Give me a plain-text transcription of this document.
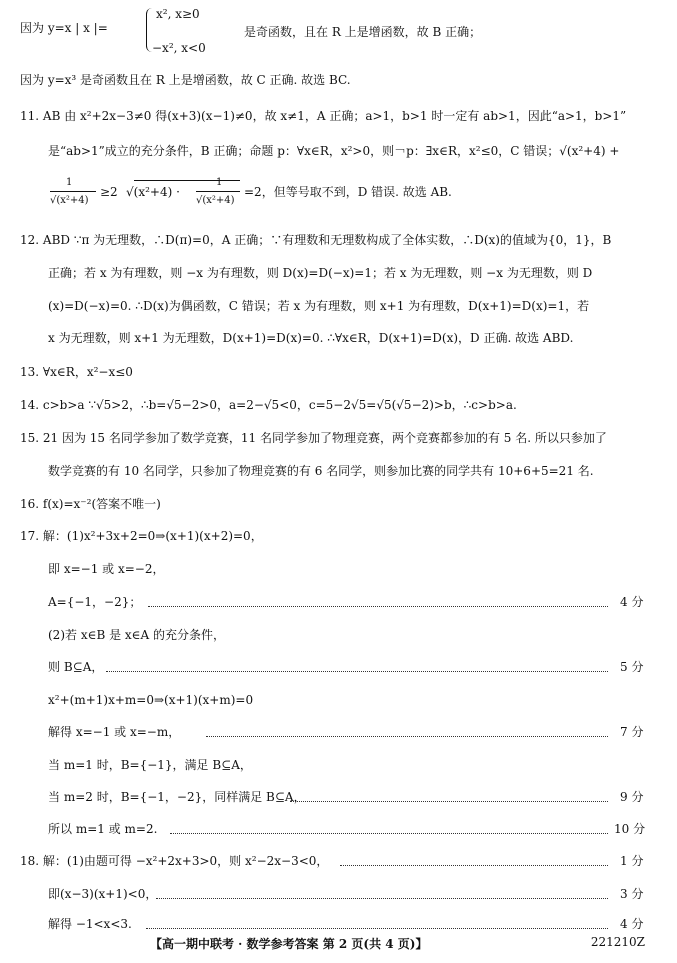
因为 y=x | x |=
x², x≥0
−x², x<0
是奇函数，且在 R 上是增函数，故 B 正确；
因为 y=x³ 是奇函数且在 R 上是增函数，故 C 正确. 故选 BC.
11. AB 由 x²+2x−3≠0 得(x+3)(x−1)≠0，故 x≠1，A 正确；a>1，b>1 时一定有 ab>1，因此“a>1，b>1”
是“ab>1”成立的充分条件，B 正确；命题 p：∀x∈R，x²>0，则￢p：∃x∈R，x²≤0，C 错误；√(x²+4) +
1
√(x²+4)
≥2 √(x²+4) ·
1
√(x²+4)
=2，但等号取不到，D 错误. 故选 AB.
12. ABD ∵π 为无理数，∴D(π)=0，A 正确；∵有理数和无理数构成了全体实数，∴D(x)的值域为{0，1}，B
正确；若 x 为有理数，则 −x 为有理数，则 D(x)=D(−x)=1；若 x 为无理数，则 −x 为无理数，则 D
(x)=D(−x)=0. ∴D(x)为偶函数，C 错误；若 x 为有理数，则 x+1 为有理数，D(x+1)=D(x)=1，若
x 为无理数，则 x+1 为无理数，D(x+1)=D(x)=0. ∴∀x∈R，D(x+1)=D(x)，D 正确. 故选 ABD.
13. ∀x∈R，x²−x≤0
14. c>b>a ∵√5>2，∴b=√5−2>0，a=2−√5<0，c=5−2√5=√5(√5−2)>b，∴c>b>a.
15. 21 因为 15 名同学参加了数学竞赛，11 名同学参加了物理竞赛，两个竞赛都参加的有 5 名. 所以只参加了
数学竞赛的有 10 名同学，只参加了物理竞赛的有 6 名同学，则参加比赛的同学共有 10+6+5=21 名.
16. f(x)=x⁻²(答案不唯一)
17. 解：(1)x²+3x+2=0⇒(x+1)(x+2)=0，
即 x=−1 或 x=−2，
A={−1，−2}；	4 分
(2)若 x∈B 是 x∈A 的充分条件，
则 B⊆A，	5 分
x²+(m+1)x+m=0⇒(x+1)(x+m)=0
解得 x=−1 或 x=−m，	7 分
当 m=1 时，B={−1}，满足 B⊆A，
当 m=2 时，B={−1，−2}，同样满足 B⊆A，	9 分
所以 m=1 或 m=2.	10 分
18. 解：(1)由题可得 −x²+2x+3>0，则 x²−2x−3<0，	1 分
即(x−3)(x+1)<0，	3 分
解得 −1<x<3.	4 分
【高一期中联考 · 数学参考答案 第 2 页(共 4 页)】	221210Z
